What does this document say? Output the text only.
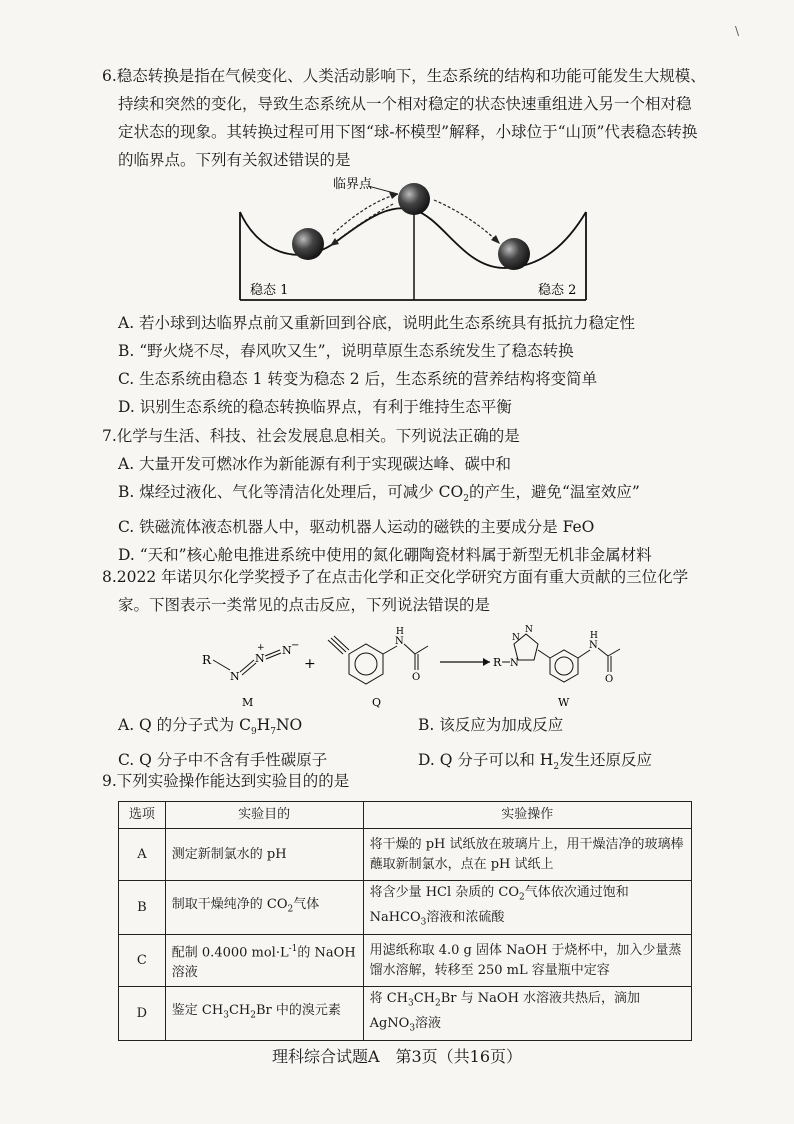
\

6.稳态转换是指在气候变化、人类活动影响下，生态系统的结构和功能可能发生大规模、

持续和突然的变化，导致生态系统从一个相对稳定的状态快速重组进入另一个相对稳

定状态的现象。其转换过程可用下图“球-杯模型”解释，小球位于“山顶”代表稳态转换

的临界点。下列有关叙述错误的是

临界点
稳态 1	稳态 2

A. 若小球到达临界点前又重新回到谷底，说明此生态系统具有抵抗力稳定性

B. “野火烧不尽，春风吹又生”，说明草原生态系统发生了稳态转换

C. 生态系统由稳态 1 转变为稳态 2 后，生态系统的营养结构将变简单

D. 识别生态系统的稳态转换临界点，有利于维持生态平衡

7.化学与生活、科技、社会发展息息相关。下列说法正确的是

A. 大量开发可燃冰作为新能源有利于实现碳达峰、碳中和

B. 煤经过液化、气化等清洁化处理后，可减少 $CO_2$的产生，避免“温室效应”

C. 铁磁流体液态机器人中，驱动机器人运动的磁铁的主要成分是 FeO

D. “天和”核心舱电推进系统中使用的氮化硼陶瓷材料属于新型无机非金属材料

8.2022 年诺贝尔化学奖授予了在点击化学和正交化学研究方面有重大贡献的三位化学

家。下图表示一类常见的点击反应，下列说法错误的是

R
N
N
+ N −
M
+
N
H
O
Q
R N
N
N
N
H
O
W

A. Q 的分子式为 $C_9H_7NO$	B. 该反应为加成反应

C. Q 分子中不含有手性碳原子	D. Q 分子可以和 $H_2$发生还原反应

9.下列实验操作能达到实验目的的是

选项	实验目的	实验操作
A	测定新制氯水的 pH	将干燥的 pH 试纸放在玻璃片上，用干燥洁净的玻璃棒蘸取新制氯水，点在 pH 试纸上
B	制取干燥纯净的 $CO_2$气体	将含少量 HCl 杂质的 $CO_2$气体依次通过饱和 NaHCO$_3$溶液和浓硫酸
C	配制 0.4000 $mol\cdot L^{-1}$的 NaOH 溶液	用滤纸称取 4.0 g 固体 NaOH 于烧杯中，加入少量蒸馏水溶解，转移至 250 mL 容量瓶中定容
D	鉴定 $CH_3CH_2Br$ 中的溴元素	将 $CH_3CH_2Br$ 与 NaOH 水溶液共热后，滴加 AgNO$_3$溶液
理科综合试题A　第3页（共16页）
